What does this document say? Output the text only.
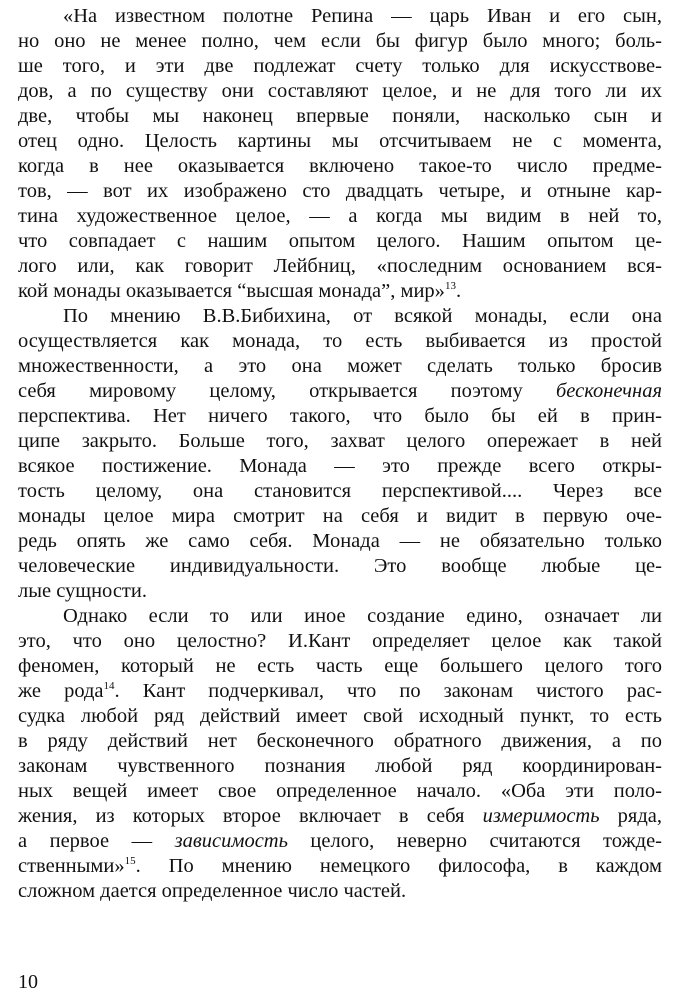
«На известном полотне Репина — царь Иван и его сын,
но оно не менее полно, чем если бы фигур было много; боль-
ше того, и эти две подлежат счету только для искусствове-
дов, а по существу они составляют целое, и не для того ли их
две, чтобы мы наконец впервые поняли, насколько сын и
отец одно. Целость картины мы отсчитываем не с момента,
когда в нее оказывается включено такое-то число предме-
тов, — вот их изображено сто двадцать четыре, и отныне кар-
тина художественное целое, — а когда мы видим в ней то,
что совпадает с нашим опытом целого. Нашим опытом це-
лого или, как говорит Лейбниц, «последним основанием вся-
кой монады оказывается “высшая монада”, мир»$^{13}$.
По мнению В.В.Бибихина, от всякой монады, если она
осуществляется как монада, то есть выбивается из простой
множественности, а это она может сделать только бросив
себя мировому целому, открывается поэтому бесконечная
перспектива. Нет ничего такого, что было бы ей в прин-
ципе закрыто. Больше того, захват целого опережает в ней
всякое постижение. Монада — это прежде всего откры-
тость целому, она становится перспективой.... Через все
монады целое мира смотрит на себя и видит в первую оче-
редь опять же само себя. Монада — не обязательно только
человеческие индивидуальности. Это вообще любые це-
лые сущности.
Однако если то или иное создание едино, означает ли
это, что оно целостно? И.Кант определяет целое как такой
феномен, который не есть часть еще большего целого того
же рода$^{14}$. Кант подчеркивал, что по законам чистого рас-
судка любой ряд действий имеет свой исходный пункт, то есть
в ряду действий нет бесконечного обратного движения, а по
законам чувственного познания любой ряд координирован-
ных вещей имеет свое определенное начало. «Оба эти поло-
жения, из которых второе включает в себя измеримость ряда,
а первое — зависимость целого, неверно считаются тожде-
ственными»$^{15}$. По мнению немецкого философа, в каждом
сложном дается определенное число частей.
10
